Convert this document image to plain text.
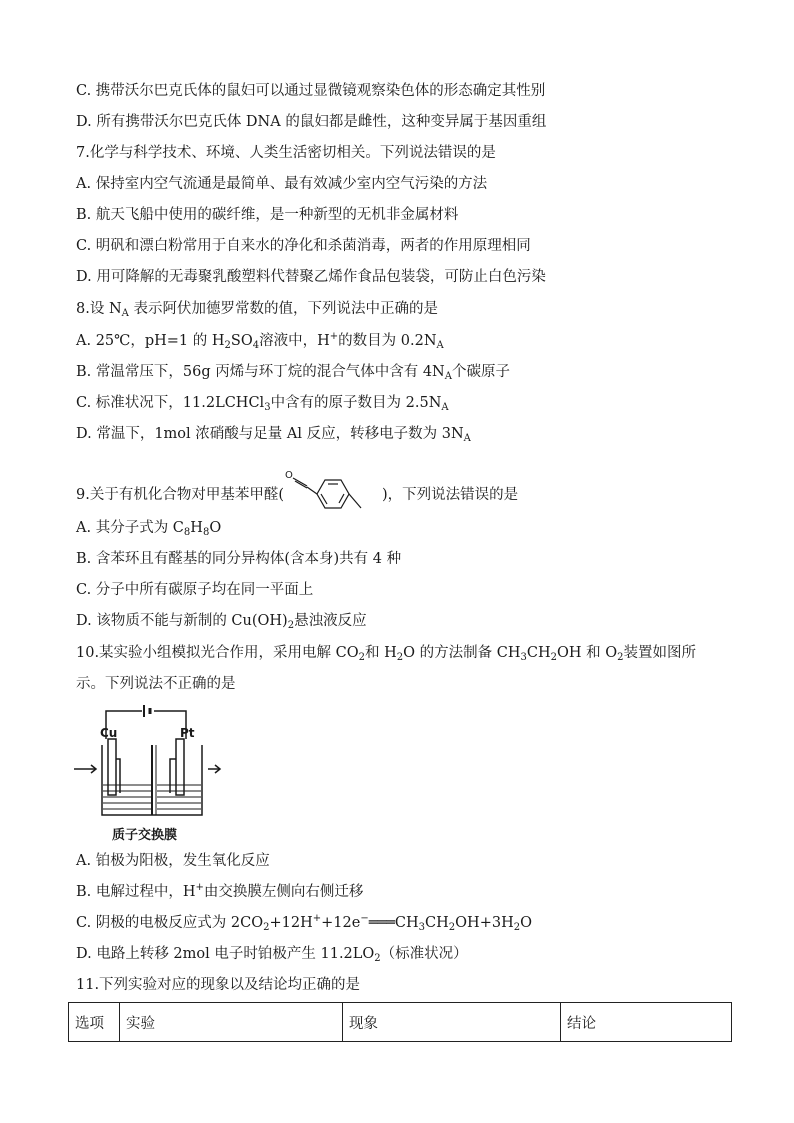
C. 携带沃尔巴克氏体的鼠妇可以通过显微镜观察染色体的形态确定其性别
D. 所有携带沃尔巴克氏体 DNA 的鼠妇都是雌性，这种变异属于基因重组
7.化学与科学技术、环境、人类生活密切相关。下列说法错误的是
A. 保持室内空气流通是最简单、最有效减少室内空气污染的方法
B. 航天飞船中使用的碳纤维，是一种新型的无机非金属材料
C. 明矾和漂白粉常用于自来水的净化和杀菌消毒，两者的作用原理相同
D. 用可降解的无毒聚乳酸塑料代替聚乙烯作食品包装袋，可防止白色污染
8.设 $N_A$ 表示阿伏加德罗常数的值，下列说法中正确的是
A. 25℃，pH=1 的 $H_2SO_4$溶液中，H+的数目为 $0.2N_A$
B. 常温常压下，56g 丙烯与环丁烷的混合气体中含有 $4N_A$个碳原子
C. 标准状况下，11.2LCHCl$_3$中含有的原子数目为 $2.5N_A$
D. 常温下，1mol 浓硝酸与足量 Al 反应，转移电子数为 $3N_A$
9.关于有机化合物对甲基苯甲醛(
O
)，下列说法错误的是
A. 其分子式为 $C_8H_8O$
B. 含苯环且有醛基的同分异构体(含本身)共有 4 种
C. 分子中所有碳原子均在同一平面上
D. 该物质不能与新制的 $Cu(OH)_2$悬浊液反应
10.某实验小组模拟光合作用，采用电解 $CO_2$和 $H_2O$ 的方法制备 $CH_3CH_2OH$ 和 $O_2$装置如图所
示。下列说法不正确的是
Cu	Pt
质子交换膜
A. 铂极为阳极，发生氧化反应
B. 电解过程中，H+由交换膜左侧向右侧迁移
C. 阴极的电极反应式为 $2CO_2+12H^++12e^-═══CH_3CH_2OH+3H_2O$
D. 电路上转移 2mol 电子时铂极产生 $11.2LO_2$（标准状况）
11.下列实验对应的现象以及结论均正确的是
选项	实验	现象	结论
